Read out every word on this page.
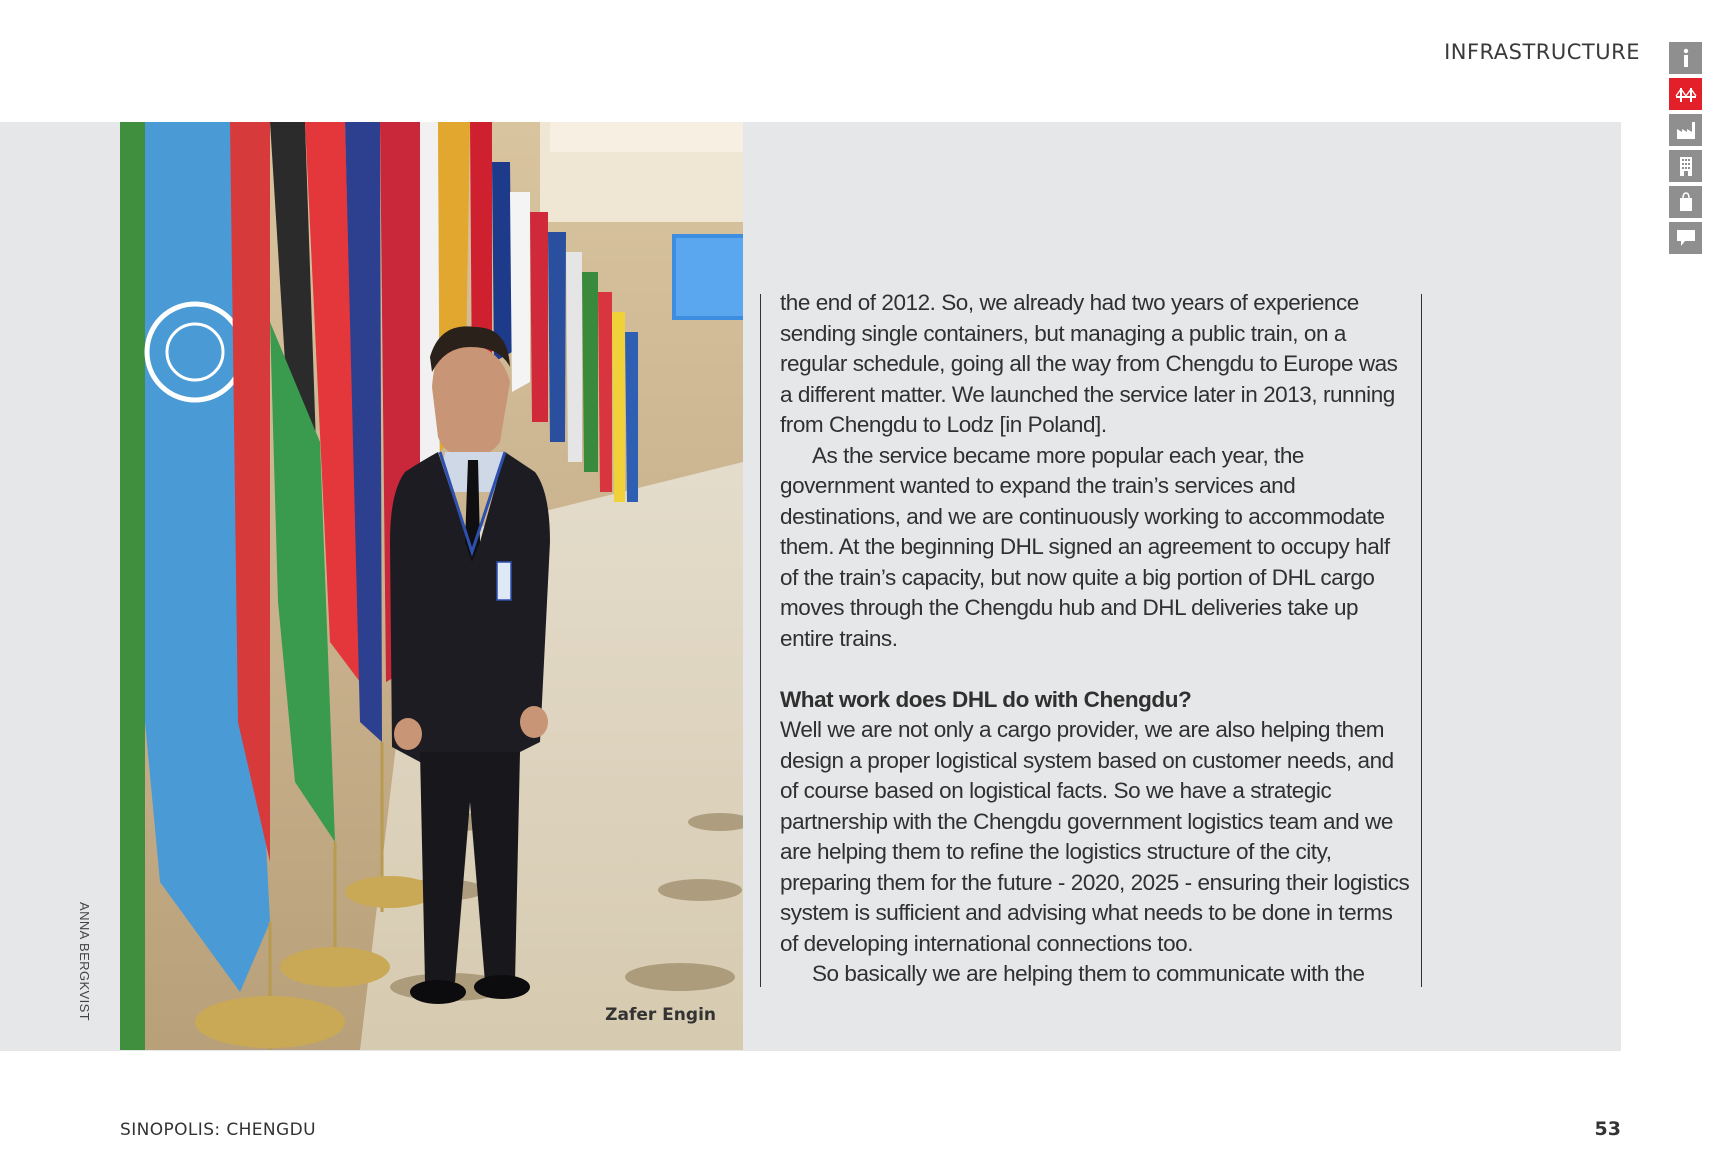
INFRASTRUCTURE
Zafer Engin
ANNA BERGKVIST

the end of 2012. So, we already had two years of experience sending single containers, but managing a public train, on a regular schedule, going all the way from Chengdu to Europe was a different matter. We launched the service later in 2013, running from Chengdu to Lodz [in Poland].

As the service became more popular each year, the government wanted to expand the train’s services and destinations, and we are continuously working to accommodate them. At the beginning DHL signed an agreement to occupy half of the train’s capacity, but now quite a big portion of DHL cargo moves through the Chengdu hub and DHL deliveries take up entire trains.

What work does DHL do with Chengdu?

Well we are not only a cargo provider, we are also helping them design a proper logistical system based on customer needs, and of course based on logistical facts. So we have a strategic partnership with the Chengdu government logistics team and we are helping them to refine the logistics structure of the city, preparing them for the future - 2020, 2025 - ensuring their logistics system is sufficient and advising what needs to be done in terms of developing international connections too.

So basically we are helping them to communicate with the

SINOPOLIS: CHENGDU	53
